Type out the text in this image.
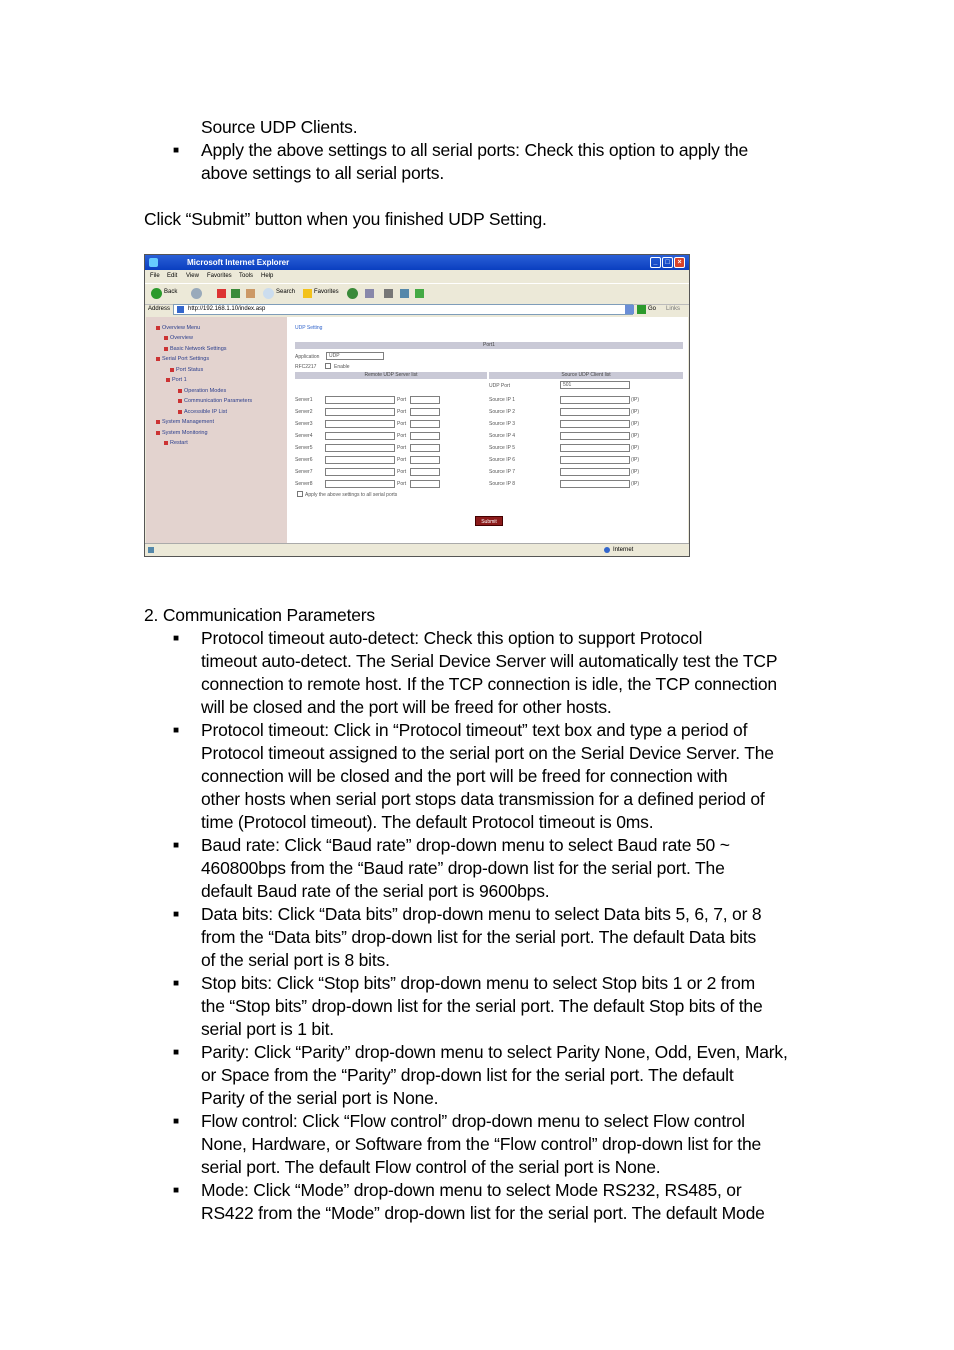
Source UDP Clients.
■ Apply the above settings to all serial ports: Check this option to apply the
above settings to all serial ports.
Click “Submit” button when you finished UDP Setting.
Microsoft Internet Explorer	_	□	×
File Edit View Favorites Tools Help
Back	Search	Favorites
Address	http://192.168.1.10/index.asp	Go Links
Overview Menu
Overview
Basic Network Settings
Serial Port Settings
Port Status
Port 1
Operation Modes
Communication Parameters
Accessible IP List
System Management
System Monitoring
Restart
UDP Setting
Port1
Application	UDP
RFC2217	Enable
Remote UDP Server list	Source UDP Client list
UDP Port	501
Server1	Port	Source IP 1	(IP)
Server2	Port	Source IP 2	(IP)
Server3	Port	Source IP 3	(IP)
Server4	Port	Source IP 4	(IP)
Server5	Port	Source IP 5	(IP)
Server6	Port	Source IP 6	(IP)
Server7	Port	Source IP 7	(IP)
Server8	Port	Source IP 8	(IP)
Apply the above settings to all serial ports
Submit
Internet
2. Communication Parameters
■ Protocol timeout auto-detect: Check this option to support Protocol
timeout auto-detect. The Serial Device Server will automatically test the TCP
connection to remote host. If the TCP connection is idle, the TCP connection
will be closed and the port will be freed for other hosts.
■ Protocol timeout: Click in “Protocol timeout” text box and type a period of
Protocol timeout assigned to the serial port on the Serial Device Server. The
connection will be closed and the port will be freed for connection with
other hosts when serial port stops data transmission for a defined period of
time (Protocol timeout). The default Protocol timeout is 0ms.
■ Baud rate: Click “Baud rate” drop-down menu to select Baud rate 50 ~
460800bps from the “Baud rate” drop-down list for the serial port. The
default Baud rate of the serial port is 9600bps.
■ Data bits: Click “Data bits” drop-down menu to select Data bits 5, 6, 7, or 8
from the “Data bits” drop-down list for the serial port. The default Data bits
of the serial port is 8 bits.
■ Stop bits: Click “Stop bits” drop-down menu to select Stop bits 1 or 2 from
the “Stop bits” drop-down list for the serial port. The default Stop bits of the
serial port is 1 bit.
■ Parity: Click “Parity” drop-down menu to select Parity None, Odd, Even, Mark,
or Space from the “Parity” drop-down list for the serial port. The default
Parity of the serial port is None.
■ Flow control: Click “Flow control” drop-down menu to select Flow control
None, Hardware, or Software from the “Flow control” drop-down list for the
serial port. The default Flow control of the serial port is None.
■ Mode: Click “Mode” drop-down menu to select Mode RS232, RS485, or
RS422 from the “Mode” drop-down list for the serial port. The default Mode
